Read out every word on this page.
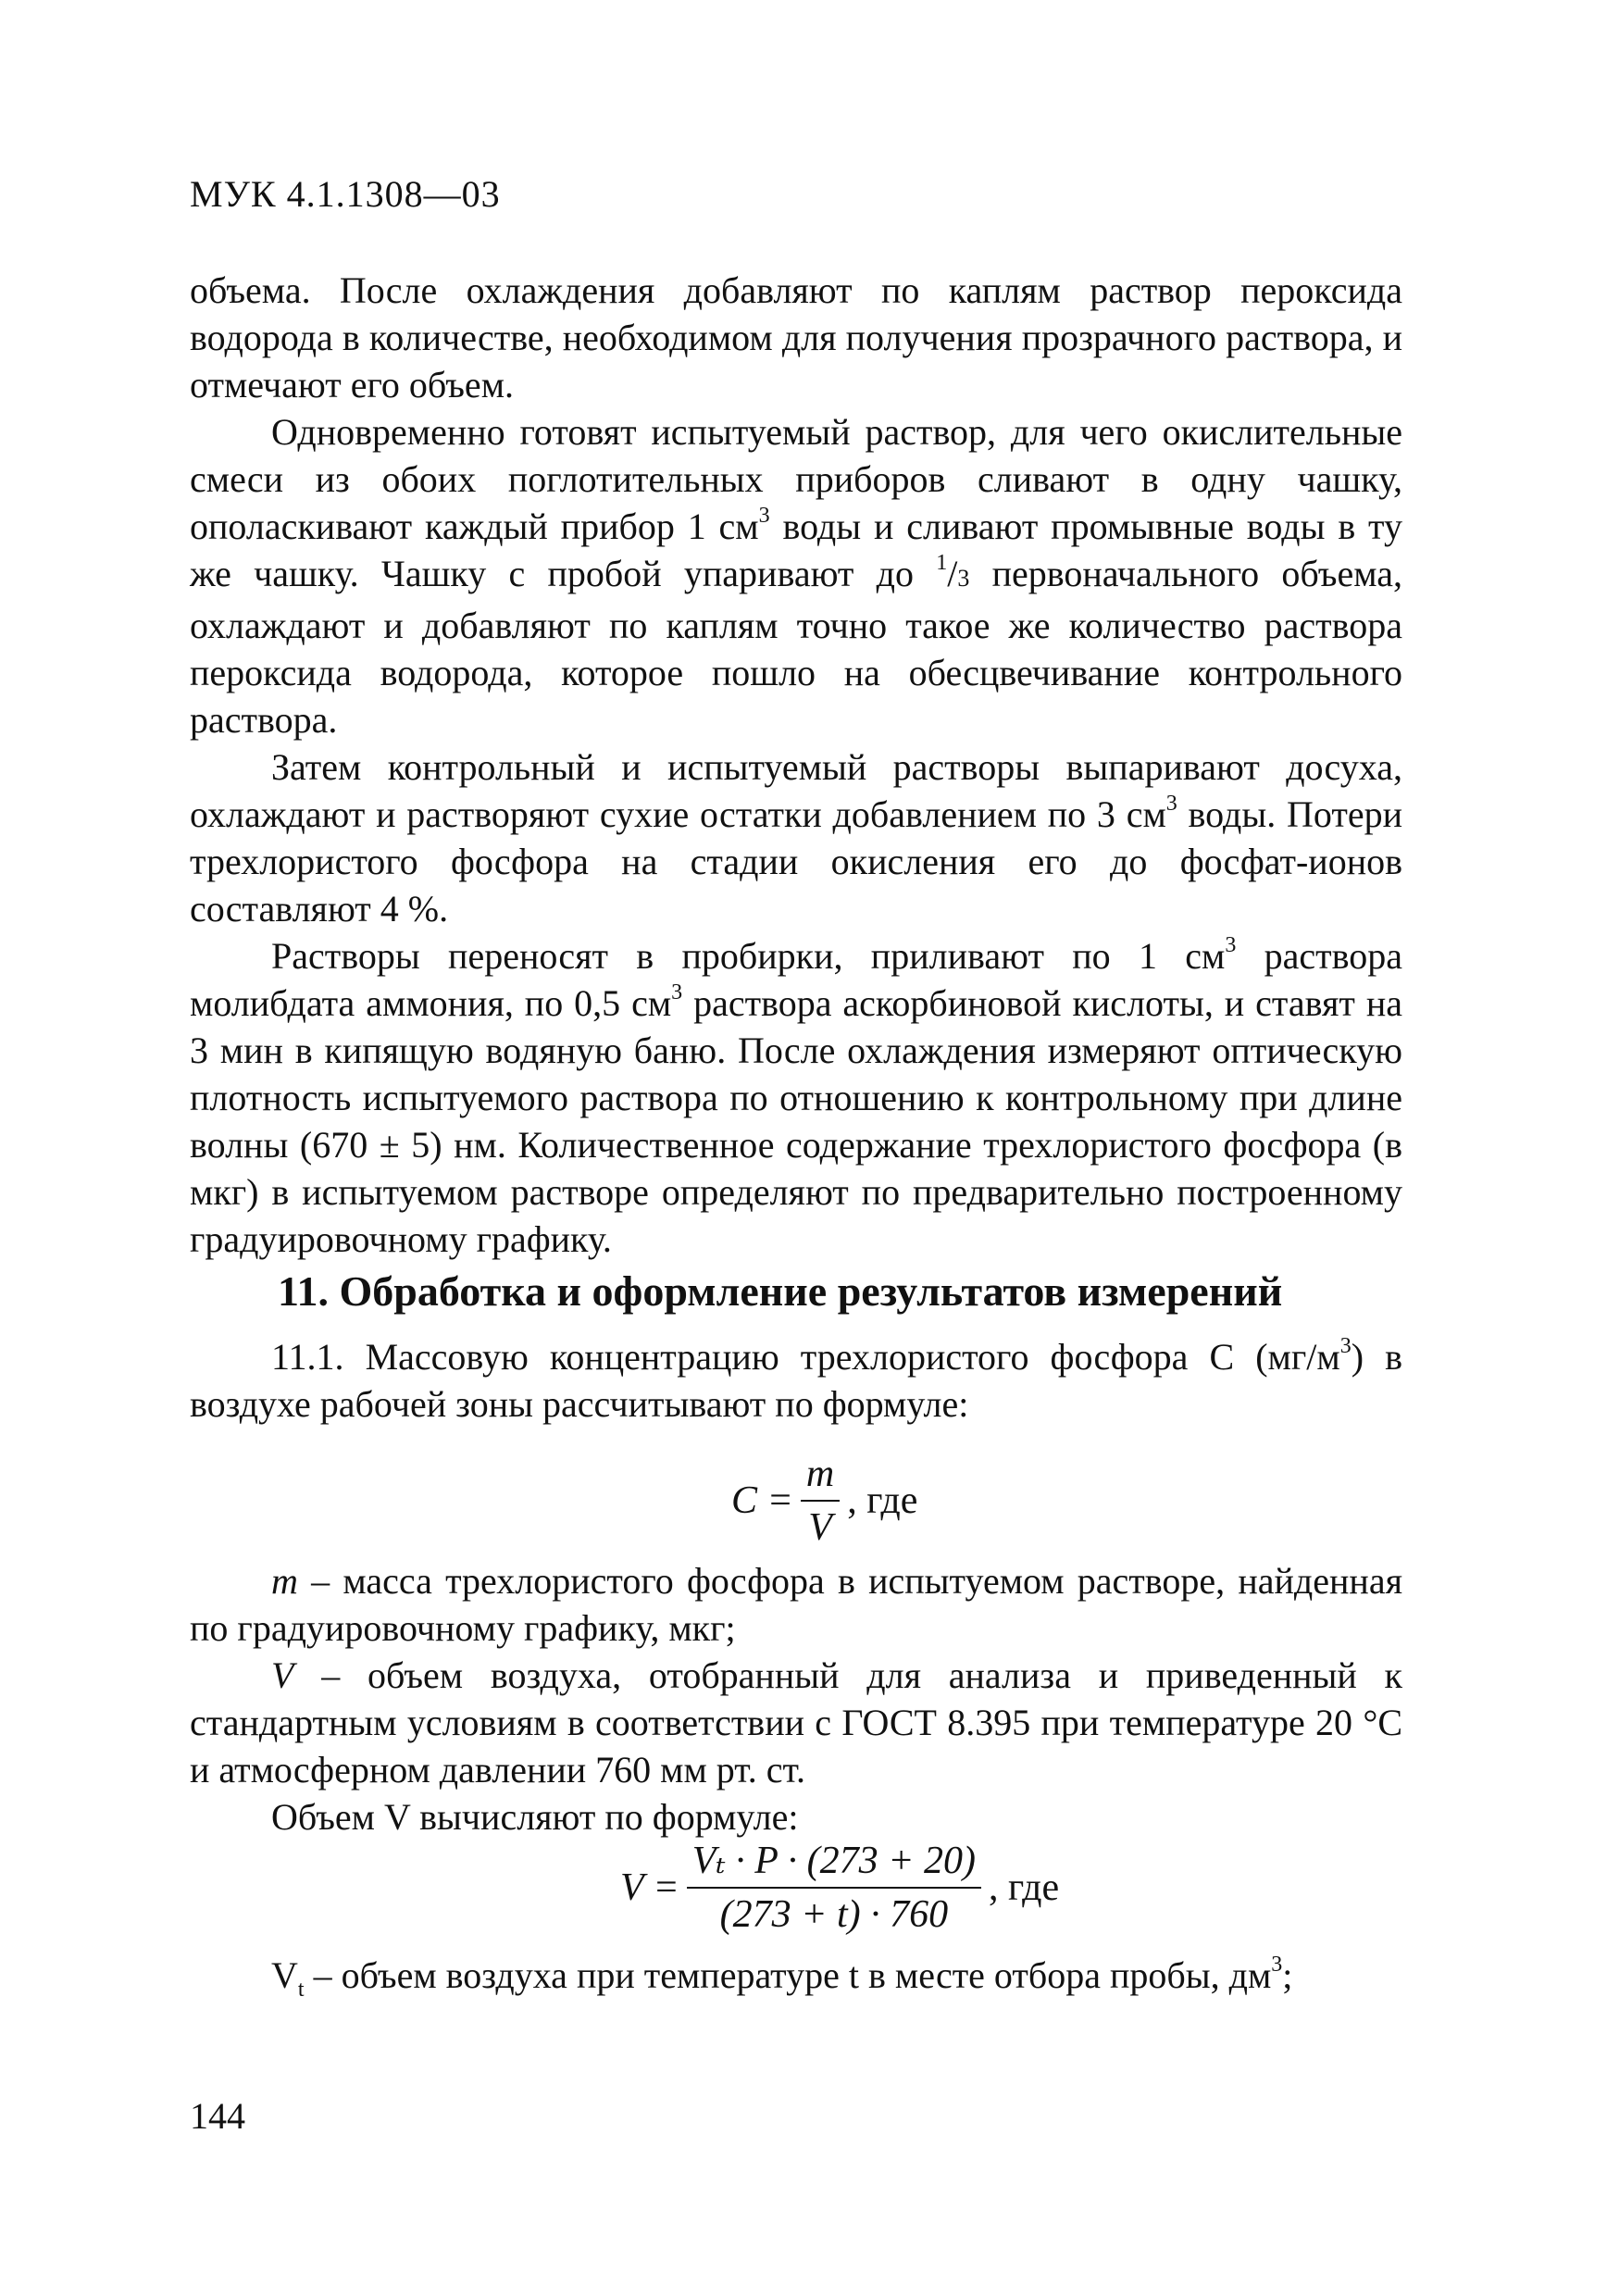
МУК 4.1.1308—03

объема. После охлаждения добавляют по каплям раствор пероксида водорода в количестве, необходимом для получения прозрачного раствора, и отмечают его объем.

Одновременно готовят испытуемый раствор, для чего окислительные смеси из обоих поглотительных приборов сливают в одну чашку, ополаскивают каждый прибор 1 $см^3$ воды и сливают промывные воды в ту же чашку. Чашку с пробой упаривают до $^1$/3 первоначального объема, охлаждают и добавляют по каплям точно такое же количество раствора пероксида водорода, которое пошло на обесцвечивание контрольного раствора.

Затем контрольный и испытуемый растворы выпаривают досуха, охлаждают и растворяют сухие остатки добавлением по 3 $см^3$ воды. Потери трехлористого фосфора на стадии окисления его до фосфат-ионов составляют 4 %.

Растворы переносят в пробирки, приливают по 1 $см^3$ раствора молибдата аммония, по 0,5 $см^3$ раствора аскорбиновой кислоты, и ставят на 3 мин в кипящую водяную баню. После охлаждения измеряют оптическую плотность испытуемого раствора по отношению к контрольному при длине волны (670 ± 5) нм. Количественное содержание трехлористого фосфора (в мкг) в испытуемом растворе определяют по предварительно построенному градуировочному графику.

11. Обработка и оформление результатов измерений

11.1. Массовую концентрацию трехлористого фосфора С $(мг/м^3)$ в воздухе рабочей зоны рассчитывают по формуле:

$C = \frac{m}{V}$ , где

m – масса трехлористого фосфора в испытуемом растворе, найденная по градуировочному графику, мкг;

V – объем воздуха, отобранный для анализа и приведенный к стандартным условиям в соответствии с ГОСТ 8.395 при температуре 20 °С и атмосферном давлении 760 мм рт. ст.

Объем V вычисляют по формуле:

$V = \frac{\text{Vₜ · P · (273 + 20)}}{(273 + t) \cdot 760}$ , где

$V_t$ – объем воздуха при температуре t в месте отбора пробы, $дм^3$;

144
